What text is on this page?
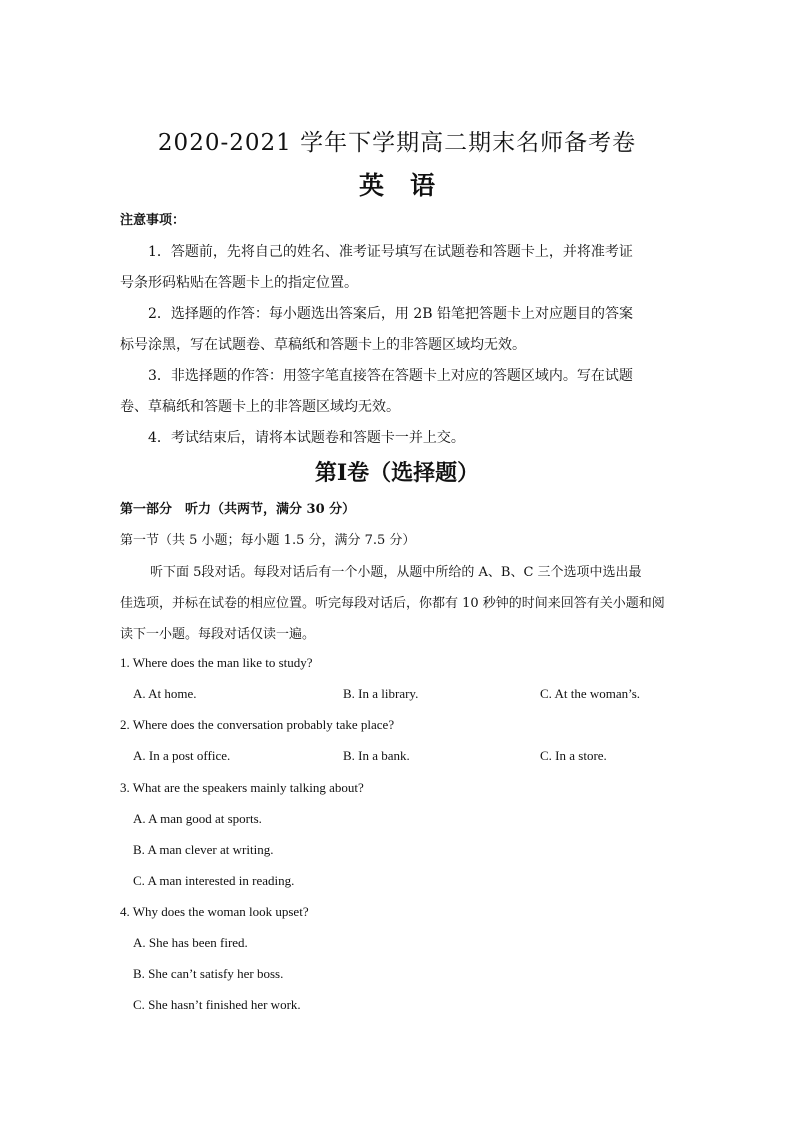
2020-2021 学年下学期高二期末名师备考卷
英语
注意事项：
1．答题前，先将自己的姓名、准考证号填写在试题卷和答题卡上，并将准考证
号条形码粘贴在答题卡上的指定位置。
2．选择题的作答：每小题选出答案后，用 2B 铅笔把答题卡上对应题目的答案
标号涂黑，写在试题卷、草稿纸和答题卡上的非答题区域均无效。
3．非选择题的作答：用签字笔直接答在答题卡上对应的答题区域内。写在试题
卷、草稿纸和答题卡上的非答题区域均无效。
4．考试结束后，请将本试题卷和答题卡一并上交。
第Ⅰ卷（选择题）
第一部分　听力（共两节，满分 30 分）
第一节（共 5 小题；每小题 1.5 分，满分 7.5 分）
听下面 5段对话。每段对话后有一个小题，从题中所给的 A、B、C 三个选项中选出最
佳选项，并标在试卷的相应位置。听完每段对话后，你都有 10 秒钟的时间来回答有关小题和阅
读下一小题。每段对话仅读一遍。
1. Where does the man like to study?
A. At home.	B. In a library.	C. At the woman’s.
2. Where does the conversation probably take place?
A. In a post office.	B. In a bank.	C. In a store.
3. What are the speakers mainly talking about?
A. A man good at sports.
B. A man clever at writing.
C. A man interested in reading.
4. Why does the woman look upset?
A. She has been fired.
B. She can’t satisfy her boss.
C. She hasn’t finished her work.
